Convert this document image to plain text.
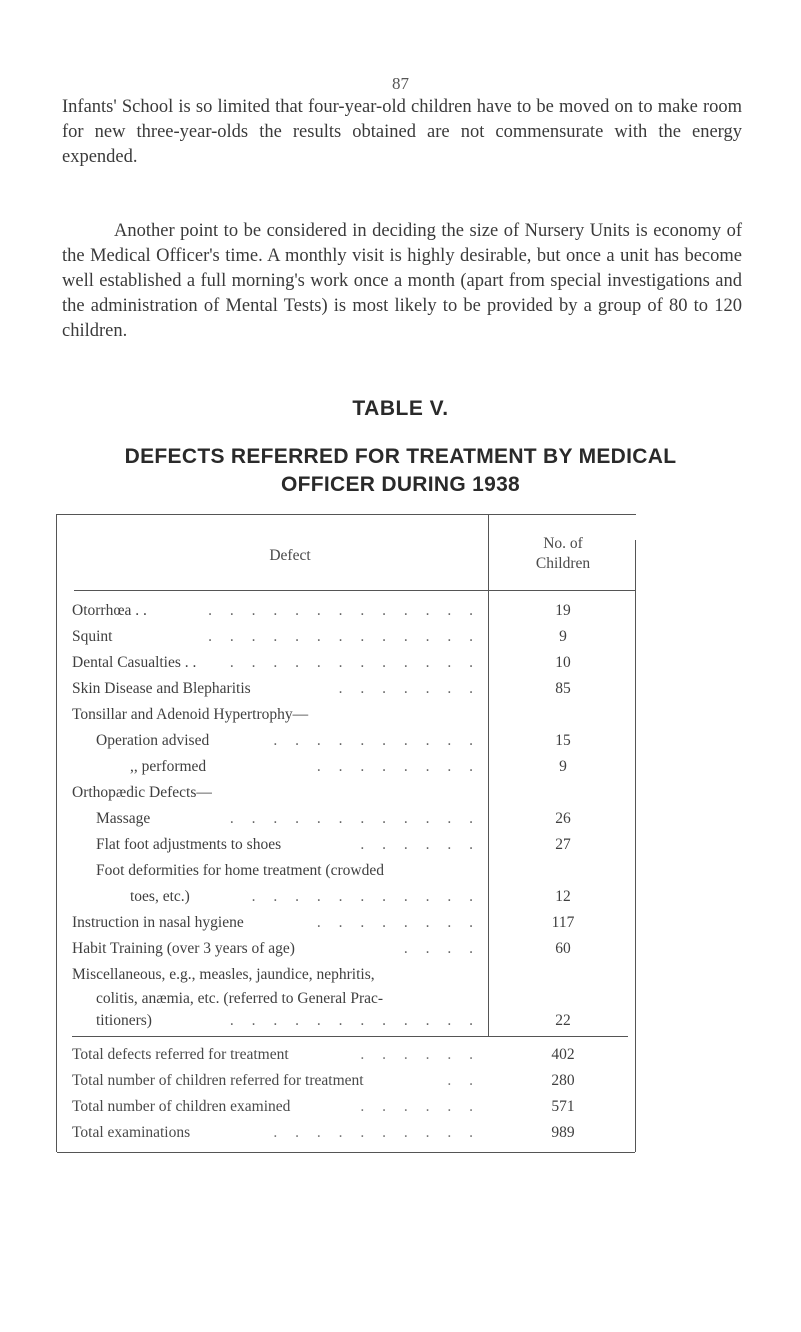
87
Infants' School is so limited that four-year-old children have to be moved on to make room for new three-year-olds the results obtained are not commensurate with the energy expended.
Another point to be considered in deciding the size of Nursery Units is economy of the Medical Officer's time. A monthly visit is highly desirable, but once a unit has become well established a full morning's work once a month (apart from special investigations and the administration of Mental Tests) is most likely to be provided by a group of 80 to 120 children.
TABLE V.
DEFECTS REFERRED FOR TREATMENT BY MEDICAL
OFFICER DURING 1938
Defect
No. of
Children
Otorrhœa . .	. . . . . . . . . . . . .	19
Squint	. . . . . . . . . . . . .	9
Dental Casualties . . . . . . . . . . . . . .	10
Skin Disease and Blepharitis	. . . . . . .	85
Tonsillar and Adenoid Hypertrophy—
Operation advised	. . . . . . . . . .	15
,, performed	. . . . . . . .	9
Orthopædic Defects—
Massage	. . . . . . . . . . . .	26
Flat foot adjustments to shoes	. . . . . .	27
Foot deformities for home treatment (crowded
toes, etc.)	. . . . . . . . . . .	12
Instruction in nasal hygiene	. . . . . . . .	117
Habit Training (over 3 years of age)	. . . .	60
Miscellaneous, e.g., measles, jaundice, nephritis,
colitis, anæmia, etc. (referred to General Prac-
titioners)	. . . . . . . . . . . .	22
Total defects referred for treatment	. . . . . .	402
Total number of children referred for treatment	. .	280
Total number of children examined	. . . . . .	571
Total examinations	. . . . . . . . . .	989
